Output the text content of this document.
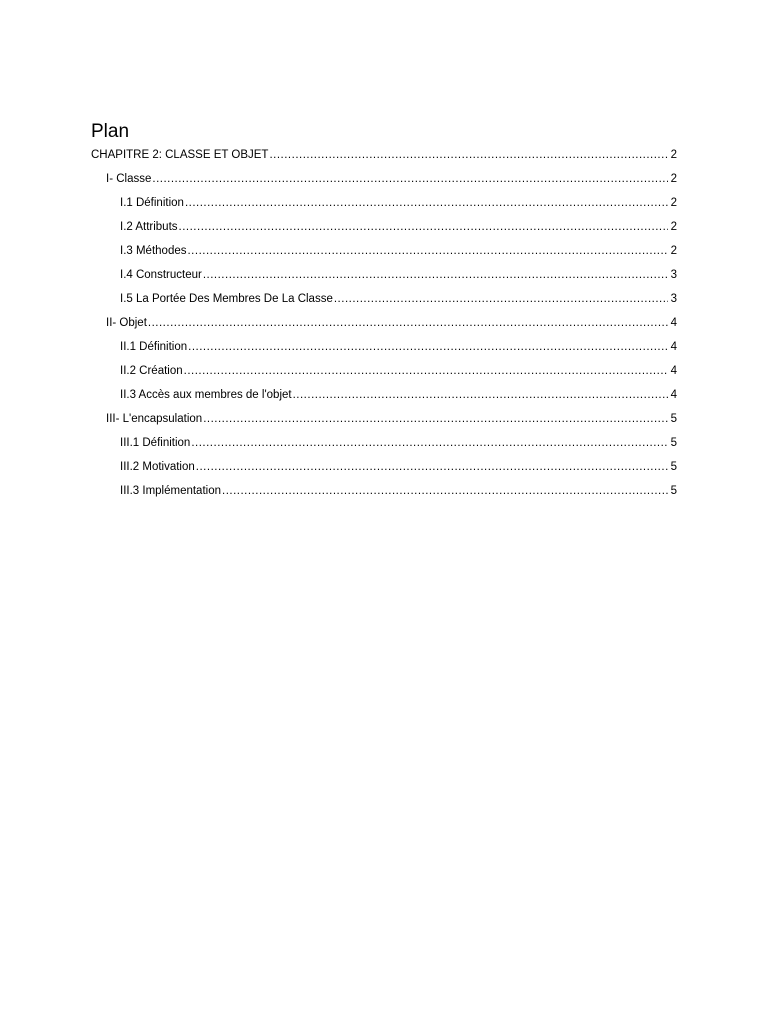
Plan
CHAPITRE 2: CLASSE ET OBJET .....	2
I- Classe .....	2
I.1 Définition .....	2
I.2 Attributs .....	2
I.3 Méthodes .....	2
I.4 Constructeur .....	3
I.5 La Portée Des Membres De La Classe .....	3
II- Objet .....	4
II.1 Définition .....	4
II.2 Création .....	4
II.3 Accès aux membres de l'objet .....	4
III- L'encapsulation .....	5
III.1 Définition .....	5
III.2 Motivation .....	5
III.3 Implémentation .....	5
